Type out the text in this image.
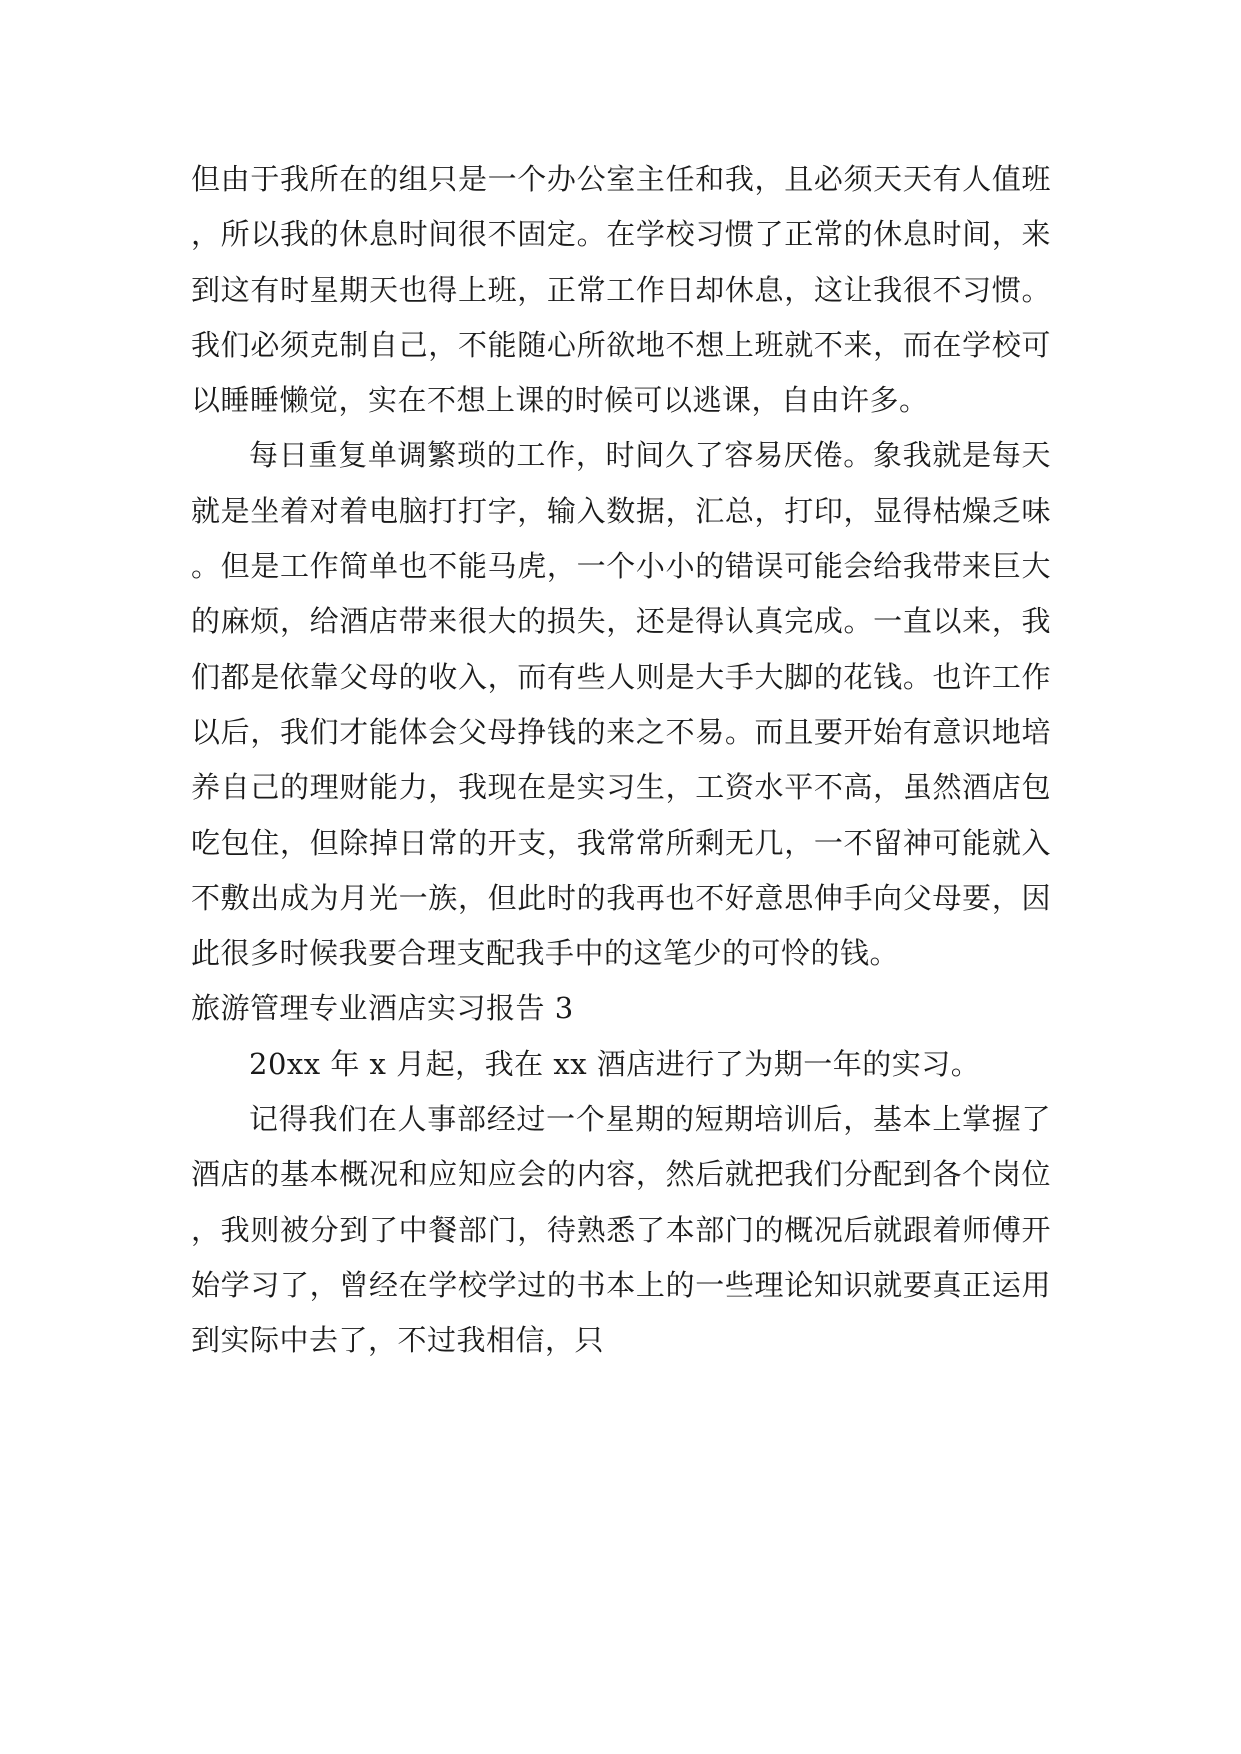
但由于我所在的组只是一个办公室主任和我，且必须天天有人值班，所以我的休息时间很不固定。在学校习惯了正常的休息时间，来到这有时星期天也得上班，正常工作日却休息，这让我很不习惯。我们必须克制自己，不能随心所欲地不想上班就不来，而在学校可以睡睡懒觉，实在不想上课的时候可以逃课，自由许多。

每日重复单调繁琐的工作，时间久了容易厌倦。象我就是每天就是坐着对着电脑打打字，输入数据，汇总，打印，显得枯燥乏味。但是工作简单也不能马虎，一个小小的错误可能会给我带来巨大的麻烦，给酒店带来很大的损失，还是得认真完成。一直以来，我们都是依靠父母的收入，而有些人则是大手大脚的花钱。也许工作以后，我们才能体会父母挣钱的来之不易。而且要开始有意识地培养自己的理财能力，我现在是实习生，工资水平不高，虽然酒店包吃包住，但除掉日常的开支，我常常所剩无几，一不留神可能就入不敷出成为月光一族，但此时的我再也不好意思伸手向父母要，因此很多时候我要合理支配我手中的这笔少的可怜的钱。

旅游管理专业酒店实习报告 3

20xx 年 x 月起，我在 xx 酒店进行了为期一年的实习。

记得我们在人事部经过一个星期的短期培训后，基本上掌握了酒店的基本概况和应知应会的内容，然后就把我们分配到各个岗位，我则被分到了中餐部门，待熟悉了本部门的概况后就跟着师傅开始学习了，曾经在学校学过的书本上的一些理论知识就要真正运用到实际中去了，不过我相信，只
